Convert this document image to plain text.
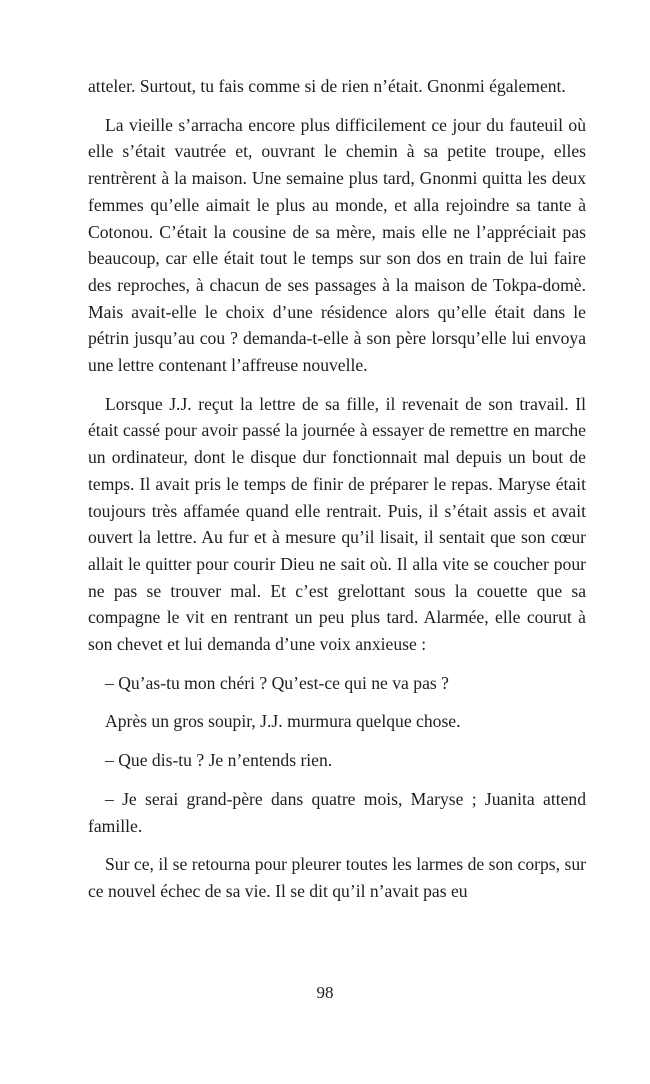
atteler. Surtout, tu fais comme si de rien n’était. Gnonmi également.

La vieille s’arracha encore plus difficilement ce jour du fauteuil où elle s’était vautrée et, ouvrant le chemin à sa petite troupe, elles rentrèrent à la maison. Une semaine plus tard, Gnonmi quitta les deux femmes qu’elle aimait le plus au monde, et alla rejoindre sa tante à Cotonou. C’était la cousine de sa mère, mais elle ne l’appréciait pas beaucoup, car elle était tout le temps sur son dos en train de lui faire des reproches, à chacun de ses passages à la maison de Tokpa-domè. Mais avait-elle le choix d’une résidence alors qu’elle était dans le pétrin jusqu’au cou ? demanda-t-elle à son père lorsqu’elle lui envoya une lettre contenant l’affreuse nouvelle.

Lorsque J.J. reçut la lettre de sa fille, il revenait de son travail. Il était cassé pour avoir passé la journée à essayer de remettre en marche un ordinateur, dont le disque dur fonctionnait mal depuis un bout de temps. Il avait pris le temps de finir de préparer le repas. Maryse était toujours très affamée quand elle rentrait. Puis, il s’était assis et avait ouvert la lettre. Au fur et à mesure qu’il lisait, il sentait que son cœur allait le quitter pour courir Dieu ne sait où. Il alla vite se coucher pour ne pas se trouver mal. Et c’est grelottant sous la couette que sa compagne le vit en rentrant un peu plus tard. Alarmée, elle courut à son chevet et lui demanda d’une voix anxieuse :

– Qu’as-tu mon chéri ? Qu’est-ce qui ne va pas ?

Après un gros soupir, J.J. murmura quelque chose.

– Que dis-tu ? Je n’entends rien.

– Je serai grand-père dans quatre mois, Maryse ; Juanita attend famille.

Sur ce, il se retourna pour pleurer toutes les larmes de son corps, sur ce nouvel échec de sa vie. Il se dit qu’il n’avait pas eu

98
